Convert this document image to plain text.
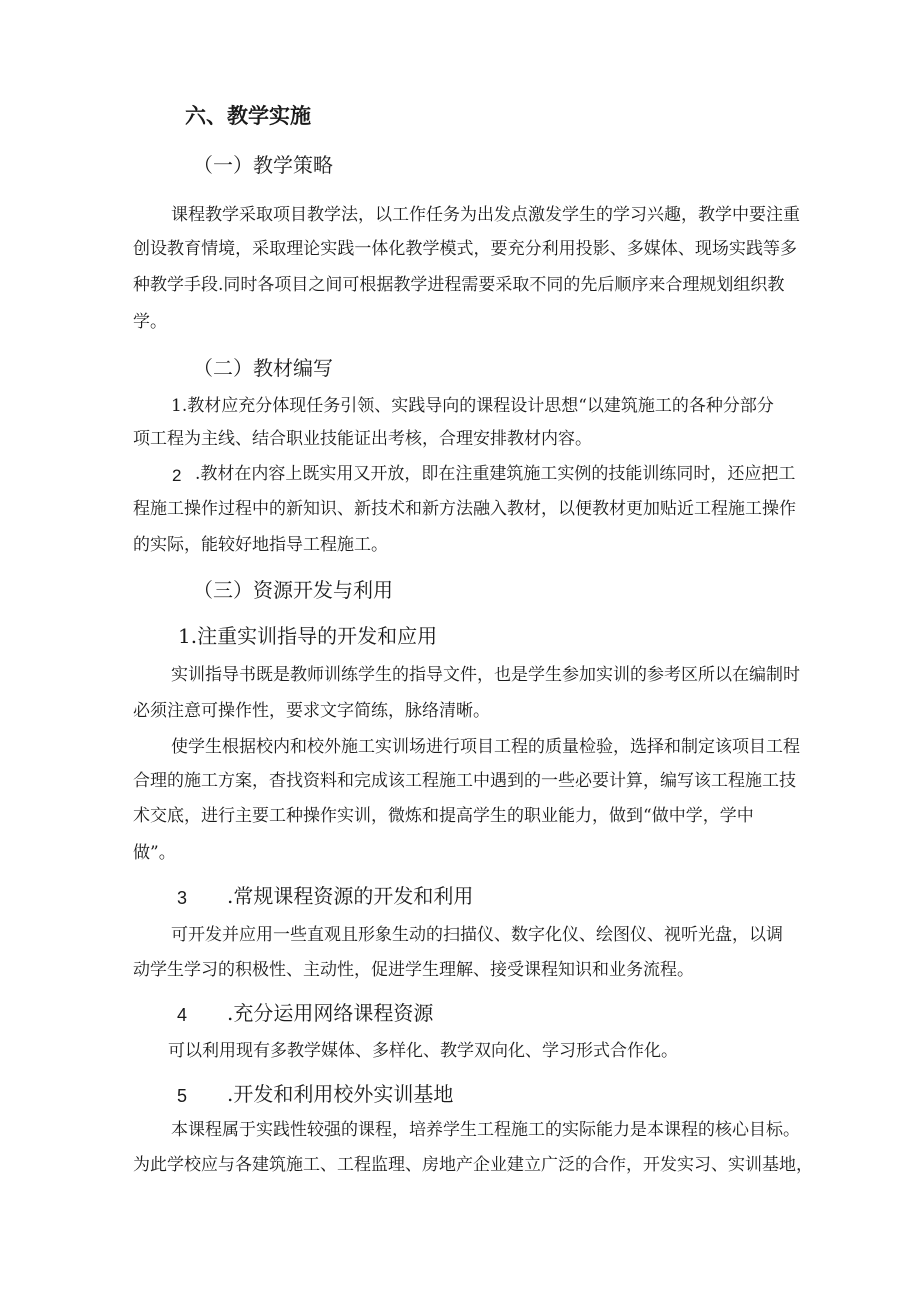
六、教学实施
（一）教学策略
课程教学采取项目教学法，以工作任务为出发点激发学生的学习兴趣，教学中要注重
创设教育情境，采取理论实践一体化教学模式，要充分利用投影、多媒体、现场实践等多
种教学手段.同时各项目之间可根据教学进程需要采取不同的先后顺序来合理规划组织教
学。
（二）教材编写
1.教材应充分体现任务引领、实践导向的课程设计思想“以建筑施工的各种分部分
项工程为主线、结合职业技能证出考核，合理安排教材内容。
2 .教材在内容上既实用又开放，即在注重建筑施工实例的技能训练同时，还应把工
程施工操作过程中的新知识、新技术和新方法融入教材，以便教材更加贴近工程施工操作
的实际，能较好地指导工程施工。
（三）资源开发与利用
1.注重实训指导的开发和应用
实训指导书既是教师训练学生的指导文件，也是学生参加实训的参考区所以在编制时
必须注意可操作性，要求文字简练，脉络清晰。
使学生根据校内和校外施工实训场进行项目工程的质量检验，选择和制定该项目工程
合理的施工方案，杳找资料和完成该工程施工中遇到的一些必要计算，编写该工程施工技
术交底，进行主要工种操作实训，微炼和提高学生的职业能力，做到“做中学，学中
做”。
3 .常规课程资源的开发和利用
可开发并应用一些直观且形象生动的扫描仪、数字化仪、绘图仪、视听光盘，以调
动学生学习的积极性、主动性，促进学生理解、接受课程知识和业务流程。
4 .充分运用网络课程资源
可以利用现有多教学媒体、多样化、教学双向化、学习形式合作化。
5 .开发和利用校外实训基地
本课程属于实践性较强的课程，培养学生工程施工的实际能力是本课程的核心目标。
为此学校应与各建筑施工、工程监理、房地产企业建立广泛的合作，开发实习、实训基地，
